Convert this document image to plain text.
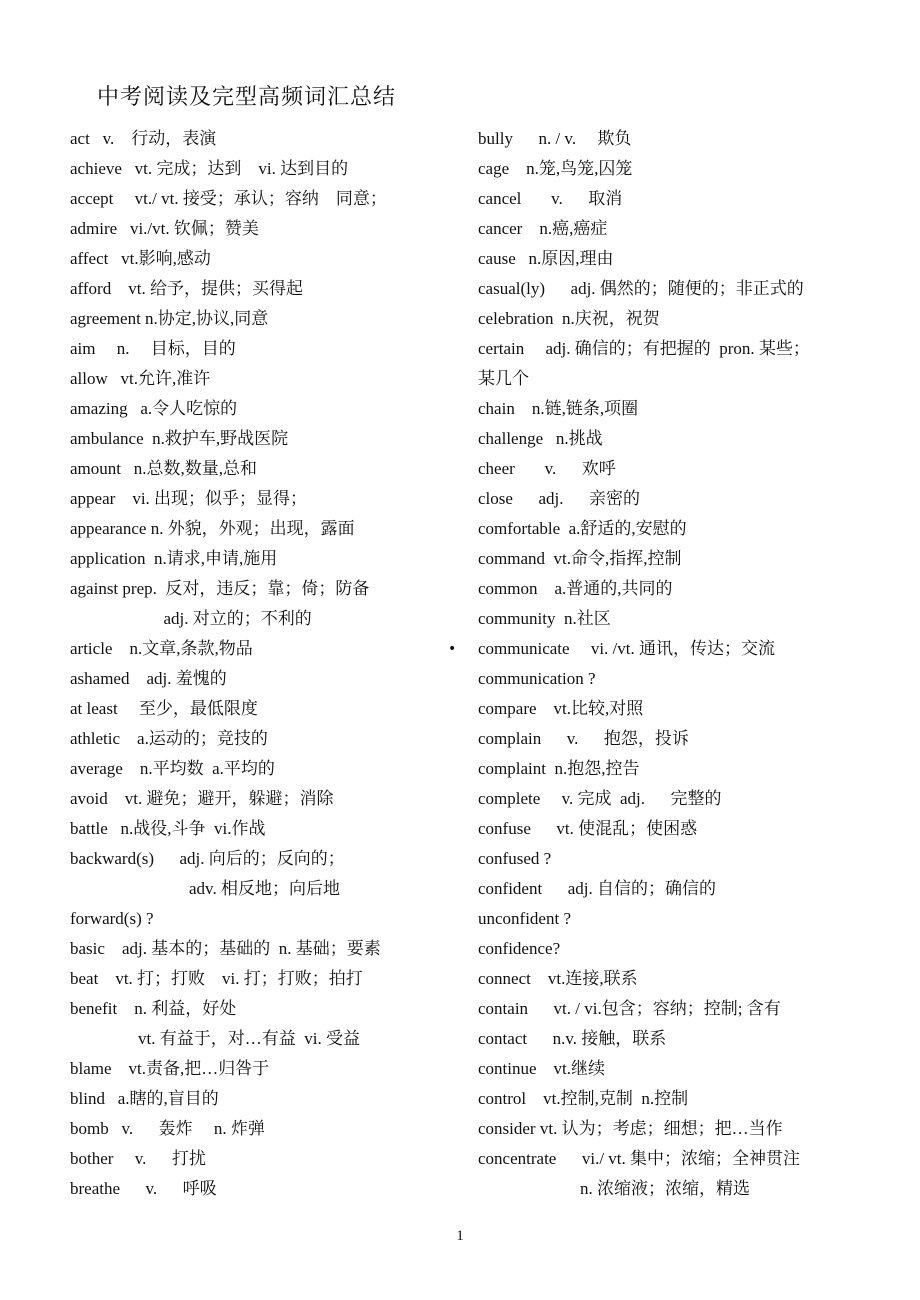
中考阅读及完型高频词汇总结
act   v.    行动，表演
achieve   vt. 完成；达到    vi. 达到目的
accept     vt./ vt. 接受；承认；容纳    同意；
admire   vi./vt. 钦佩；赞美
affect   vt.影响,感动
afford    vt. 给予，提供；买得起
agreement n.协定,协议,同意
aim     n.     目标，目的
allow   vt.允许,准许
amazing   a.令人吃惊的
ambulance  n.救护车,野战医院
amount   n.总数,数量,总和
appear    vi. 出现；似乎；显得；
appearance n. 外貌，外观；出现，露面
application  n.请求,申请,施用
against prep.  反对，违反；靠；倚；防备
adj. 对立的；不利的
article    n.文章,条款,物品
ashamed    adj. 羞愧的
at least     至少，最低限度
athletic    a.运动的；竞技的
average    n.平均数  a.平均的
avoid    vt. 避免；避开，躲避；消除
battle   n.战役,斗争  vi.作战
backward(s)      adj. 向后的；反向的；
adv. 相反地；向后地
forward(s) ?
basic    adj. 基本的；基础的  n. 基础；要素
beat    vt. 打；打败    vi. 打；打败；拍打
benefit    n. 利益，好处
vt. 有益于，对…有益  vi. 受益
blame    vt.责备,把…归咎于
blind   a.瞎的,盲目的
bomb   v.      轰炸     n. 炸弹
bother     v.      打扰
breathe      v.      呼吸
bully      n. / v.     欺负
cage    n.笼,鸟笼,囚笼
cancel       v.      取消
cancer    n.癌,癌症
cause   n.原因,理由
casual(ly)      adj. 偶然的；随便的；非正式的
celebration  n.庆祝，祝贺
certain     adj. 确信的；有把握的  pron. 某些；
某几个
chain    n.链,链条,项圈
challenge   n.挑战
cheer       v.      欢呼
close      adj.      亲密的
comfortable  a.舒适的,安慰的
command  vt.命令,指挥,控制
common    a.普通的,共同的
community  n.社区
• communicate     vi. /vt. 通讯，传达；交流
communication ?
compare    vt.比较,对照
complain      v.      抱怨，投诉
complaint  n.抱怨,控告
complete     v. 完成  adj.      完整的
confuse      vt. 使混乱；使困惑
confused ?
confident      adj. 自信的；确信的
unconfident ?
confidence?
connect    vt.连接,联系
contain      vt. / vi.包含；容纳；控制; 含有
contact      n.v. 接触，联系
continue    vt.继续
control    vt.控制,克制  n.控制
consider vt. 认为；考虑；细想；把…当作
concentrate      vi./ vt. 集中；浓缩；全神贯注
n. 浓缩液；浓缩，精选
1
